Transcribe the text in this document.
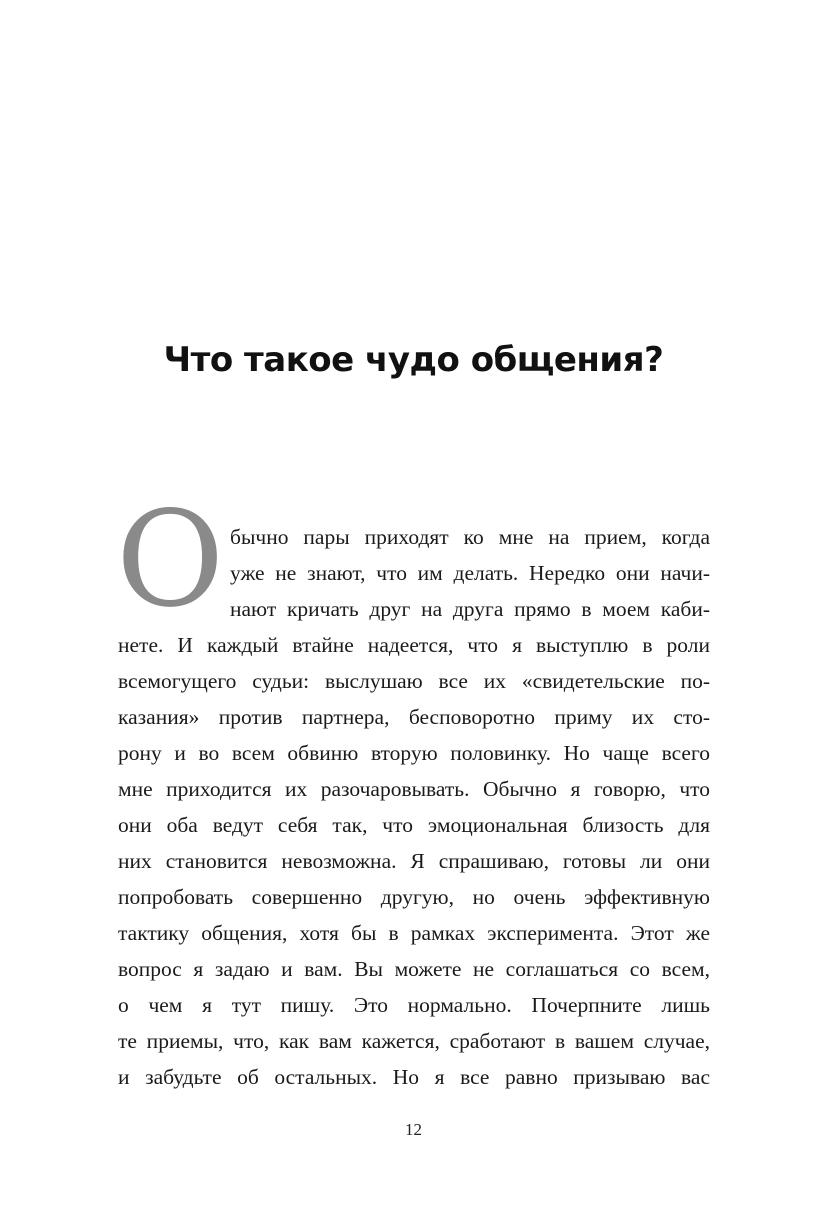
Что такое чудо общения?
О бычно пары приходят ко мне на прием, когда
уже не знают, что им делать. Нередко они начи-
нают кричать друг на друга прямо в моем каби-
нете. И каждый втайне надеется, что я выступлю в роли
всемогущего судьи: выслушаю все их «свидетельские по-
казания» против партнера, бесповоротно приму их сто-
рону и во всем обвиню вторую половинку. Но чаще всего
мне приходится их разочаровывать. Обычно я говорю, что
они оба ведут себя так, что эмоциональная близость для
них становится невозможна. Я спрашиваю, готовы ли они
попробовать совершенно другую, но очень эффективную
тактику общения, хотя бы в рамках эксперимента. Этот же
вопрос я задаю и вам. Вы можете не соглашаться со всем,
о чем я тут пишу. Это нормально. Почерпните лишь
те приемы, что, как вам кажется, сработают в вашем случае,
и забудьте об остальных. Но я все равно призываю вас
12
